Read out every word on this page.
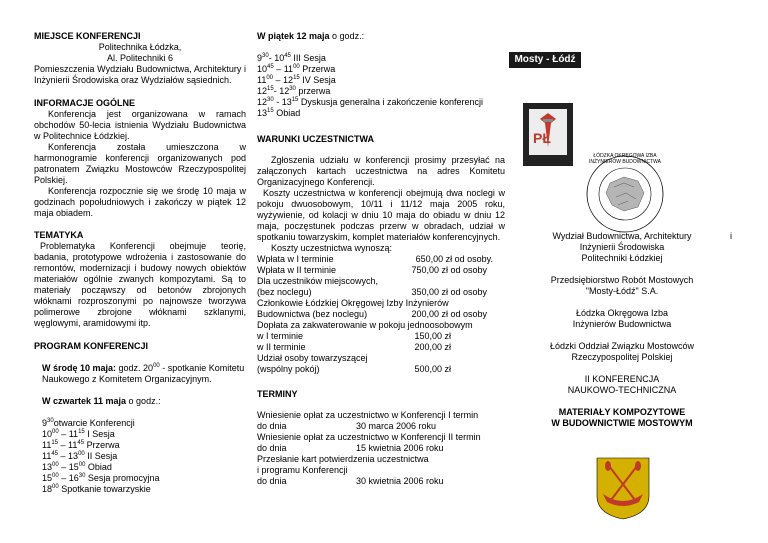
MIEJSCE KONFERENCJI
Politechnika Łódzka,
Al. Politechniki 6
Pomieszczenia Wydziału Budownictwa, Architektury i Inżynierii Środowiska oraz Wydziałów sąsiednich.
INFORMACJE OGÓLNE
Konferencja jest organizowana w ramach obchodów 50-lecia istnienia Wydziału Budownictwa w Politechnice Łódzkiej.
Konferencja została umieszczona w harmonogramie konferencji organizowanych pod patronatem Związku Mostowców Rzeczypospolitej Polskiej.
Konferencja rozpocznie się we środę 10 maja w godzinach popołudniowych i zakończy w piątek 12 maja obiadem.
TEMATYKA
Problematyka Konferencji obejmuje teorię, badania, prototypowe wdrożenia i zastosowanie do remontów, modernizacji i budowy nowych obiektów materiałów ogólnie zwanych kompozytami. Są to materiały począwszy od betonów zbrojonych włóknami rozproszonymi po najnowsze tworzywa polimerowe zbrojone włóknami szklanymi, węglowymi, aramidowymi itp.
PROGRAM KONFERENCJI
W środę 10 maja: godz. $20^{00}$ - spotkanie Komitetu Naukowego z Komitetem Organizacyjnym.
W czwartek 11 maja o godz.:
$9^{30}otwarcie$ Konferencji
$10^{00} - 11^{15}$ I Sesja
$11^{15} - 11^{45}$ Przerwa
$11^{45} - 13^{00}$ II Sesja
$13^{00} - 15^{00}$ Obiad
$15^{00} - 16^{30}$ Sesja promocyjna
$18^{00}$ Spotkanie towarzyskie
W piątek 12 maja o godz.:
$9^{30}-$ $10^{45}$ III Sesja
$10^{45} - 11^{00}$ Przerwa
$11^{00} - 12^{15}$ IV Sesja
$12^{15}-$ $12^{30}$ przerwa
$12^{30} - 13^{15}$ Dyskusja generalna i zakończenie konferencji
$13^{15}$ Obiad
WARUNKI UCZESTNICTWA
Zgłoszenia udziału w konferencji prosimy przesyłać na załączonych kartach uczestnictwa na adres Komitetu Organizacyjnego Konferencji.
Koszty uczestnictwa w konferencji obejmują dwa noclegi w pokoju dwuosobowym, 10/11 i 11/12 maja 2005 roku, wyżywienie, od kolacji w dniu 10 maja do obiadu w dniu 12 maja, poczęstunek podczas przerw w obradach, udział w spotkaniu towarzyskim, komplet materiałów konferencyjnych.
Koszty uczestnictwa wynoszą:
Wpłata w I terminie	650,00 zł od osoby.
Wpłata w II terminie	750,00 zł od osoby
Dla uczestników miejscowych,
(bez noclegu)	350,00 zł od osoby
Członkowie Łódzkiej Okręgowej Izby Inżynierów
Budownictwa (bez noclegu)	200,00 zł od osoby
Dopłata za zakwaterowanie w pokoju jednoosobowym
w I terminie	150,00 zł
w II terminie	200,00 zł
Udział osoby towarzyszącej
(wspólny pokój)	500,00 zł
TERMINY
Wniesienie opłat za uczestnictwo w Konferencji I termin
do dnia	30 marca 2006 roku
Wniesienie opłat za uczestnictwo w Konferencji II termin
do dnia	15 kwietnia 2006 roku
Przesłanie kart potwierdzenia uczestnictwa
i programu Konferencji
do dnia	30 kwietnia 2006 roku
Mosty - Łódź
PŁ
ŁÓDZKA OKRĘGOWA IZBA INŻYNIERÓW BUDOWNICTWA
Wydział Budownictwa, Architektury	i
Inżynierii Środowiska
Politechniki Łódzkiej
Przedsiębiorstwo Robót Mostowych
"Mosty-Łódź" S.A.
Łódzka Okręgowa Izba
Inżynierów Budownictwa
Łódzki Oddział Związku Mostowców
Rzeczypospolitej Polskiej
II KONFERENCJA
NAUKOWO-TECHNICZNA
MATERIAŁY KOMPOZYTOWE
W BUDOWNICTWIE MOSTOWYM
